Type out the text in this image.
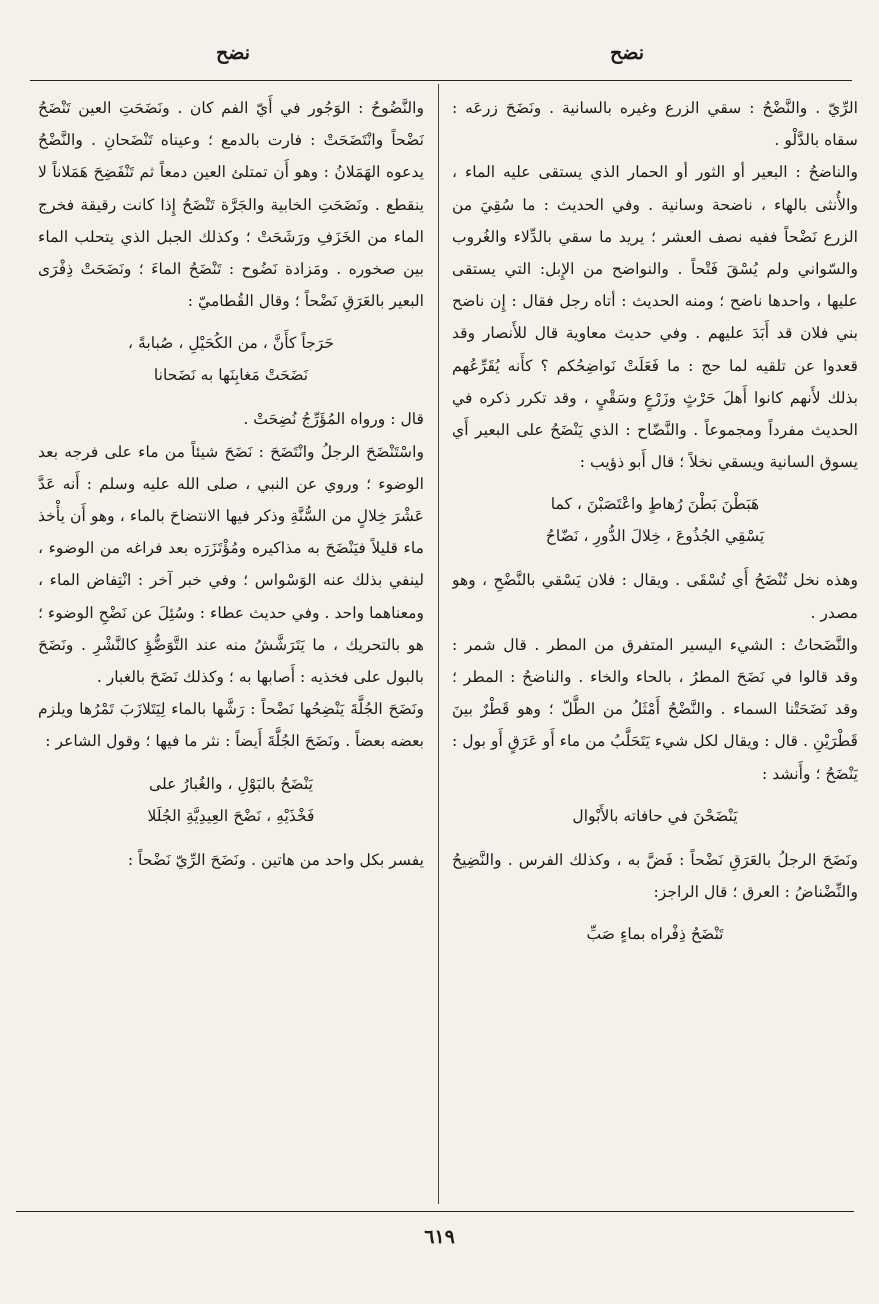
نضح
نضح

الرِّيّ . والنَّضْحُ : سقي الزرع وغيره بالسانية . ونَضَحَ زرعَه : سقاه بالدَّلْو .

والناضحُ : البعير أو الثور أو الحمار الذي يستقى عليه الماء ، والأُنثى بالهاء ، ناضحة وسانية . وفي الحديث : ما سُقِيَ من الزرع نَضْحاً ففيه نصف العشر ؛ يريد ما سقي بالدِّلاء والغُروب والسّواني ولم يُسْقَ فَتْحاً . والنواضح من الإِبل: التي يستقى عليها ، واحدها ناضح ؛ ومنه الحديث : أتاه رجل فقال : إِن ناضح بني فلان قد أَبَدَ عليهم . وفي حديث معاوية قال للأَنصار وقد قعدوا عن تلقيه لما حج : ما فَعَلَتْ نَواضِحُكم ؟ كأَنه يُقَرِّعُهم بذلك لأَنهم كانوا أَهلَ حَرْثٍ وزَرْعٍ وسَقْيٍ ، وقد تكرر ذكره في الحديث مفرداً ومجموعاً . والنَّضّاح : الذي يَنْضَحُ على البعير أَي يسوق السانية ويسقي نخلاً ؛ قال أَبو ذؤيب :

هَبَطْنَ بَطْنَ رُهاطٍ واعْتَصَبْنَ ، كما
يَسْقِي الجُذُوعَ ، خِلالَ الدُّورِ ، نَضّاحُ

وهذه نخل تُنْضَحُ أَي تُسْقَى . ويقال : فلان يَسْقي بالنَّضْحِ ، وهو مصدر .

والنَّضَحاتُ : الشيء اليسير المتفرق من المطر . قال شمر : وقد قالوا في نَضَحَ المطرُ ، بالحاء والخاء . والناضحُ : المطر ؛ وقد نَضَحَتْنا السماء . والنَّضْحُ أَمْثَلُ من الطَّلّ ؛ وهو قَطْرٌ بينَ قَطْرَيْنِ . قال : ويقال لكل شيء يَتَحَلَّبُ من ماء أَو عَرَقٍ أَو بول : يَنْضَحُ ؛ وأَنشد :

يَنْضَحْنَ في حافاته بالأَبْوال

ونَضَحَ الرجلُ بالعَرَقِ نَضْحاً : فَضَّ به ، وكذلك الفرس . والنَّضِيحُ والنِّضْناضُ : العرق ؛ قال الراجز:

تَنْضَحُ ذِفْراه بماءٍ صَبِّ

والنَّضُوحُ : الوَجُور في أَيّ الفم كان . ونَضَحَتِ العين تَنْضَحُ نَضْحاً وانْتَضَحَتْ : فارت بالدمع ؛ وعيناه تَنْضَحانِ . والنَّضْحُ يدعوه الهَمَلانُ : وهو أَن تمتلئ العين دمعاً ثم تَنْفَضِحَ هَمَلاناً لا ينقطع . ونَضَحَتِ الخابية والجَرَّة تَنْضَحُ إِذا كانت رقيقة فخرج الماء من الخَزَفِ ورَشَحَتْ ؛ وكذلك الجبل الذي يتحلب الماء بين صخوره . ومَزادة نَضُوح : تَنْضَحُ الماءَ ؛ ونَضَحَتْ ذِفْرَى البعير بالعَرَقِ نَضْحاً ؛ وقال القُطاميّ :

حَرَجاً كأَنَّ ، من الكُحَيْلِ ، صُبابةً ،
نَضَحَتْ مَغابِنَها به نَضَحانا

قال : ورواه المُؤَرِّجُ نُضِحَتْ .

واسْتَنْضَحَ الرجلُ وانْتَضَحَ : نَضَحَ شيئاً من ماء على فرجه بعد الوضوء ؛ وروي عن النبي ، صلى الله عليه وسلم : أَنه عَدَّ عَشْرَ خِلالٍ من السُّنَّةِ وذكر فيها الانتضاحَ بالماء ، وهو أَن يأْخذ ماء قليلاً فيَنْضَحَ به مذاكيره ومُؤْتَزَرَه بعد فراغه من الوضوء ، لينفي بذلك عنه الوَسْواس ؛ وفي خبر آخر : انْتِفاض الماء ، ومعناهما واحد . وفي حديث عطاء : وسُئِلَ عن نَضْحِ الوضوء ؛ هو بالتحريك ، ما يَتَرَشَّشُ منه عند التَّوَضُّؤِ كالنَّشْرِ . ونَضَحَ بالبول على فخذيه : أَصابها به ؛ وكذلك نَضَحَ بالغبار .

ونَضَحَ الجُلَّةَ يَنْضِحُها نَضْحاً : رَشَّها بالماء لِيَتَلازَبَ تَمْرُها ويلزم بعضه بعضاً . ونَضَحَ الجُلَّةَ أَيضاً : نثر ما فيها ؛ وقول الشاعر :

يَنْضَحُ بالبَوْلِ ، والغُبارُ على
فَخْذَيْهِ ، نَضْحَ العِيدِيَّةِ الجُلَلا

يفسر بكل واحد من هاتين . ونَضَحَ الرِّيّ نَضْحاً :

٦١٩
